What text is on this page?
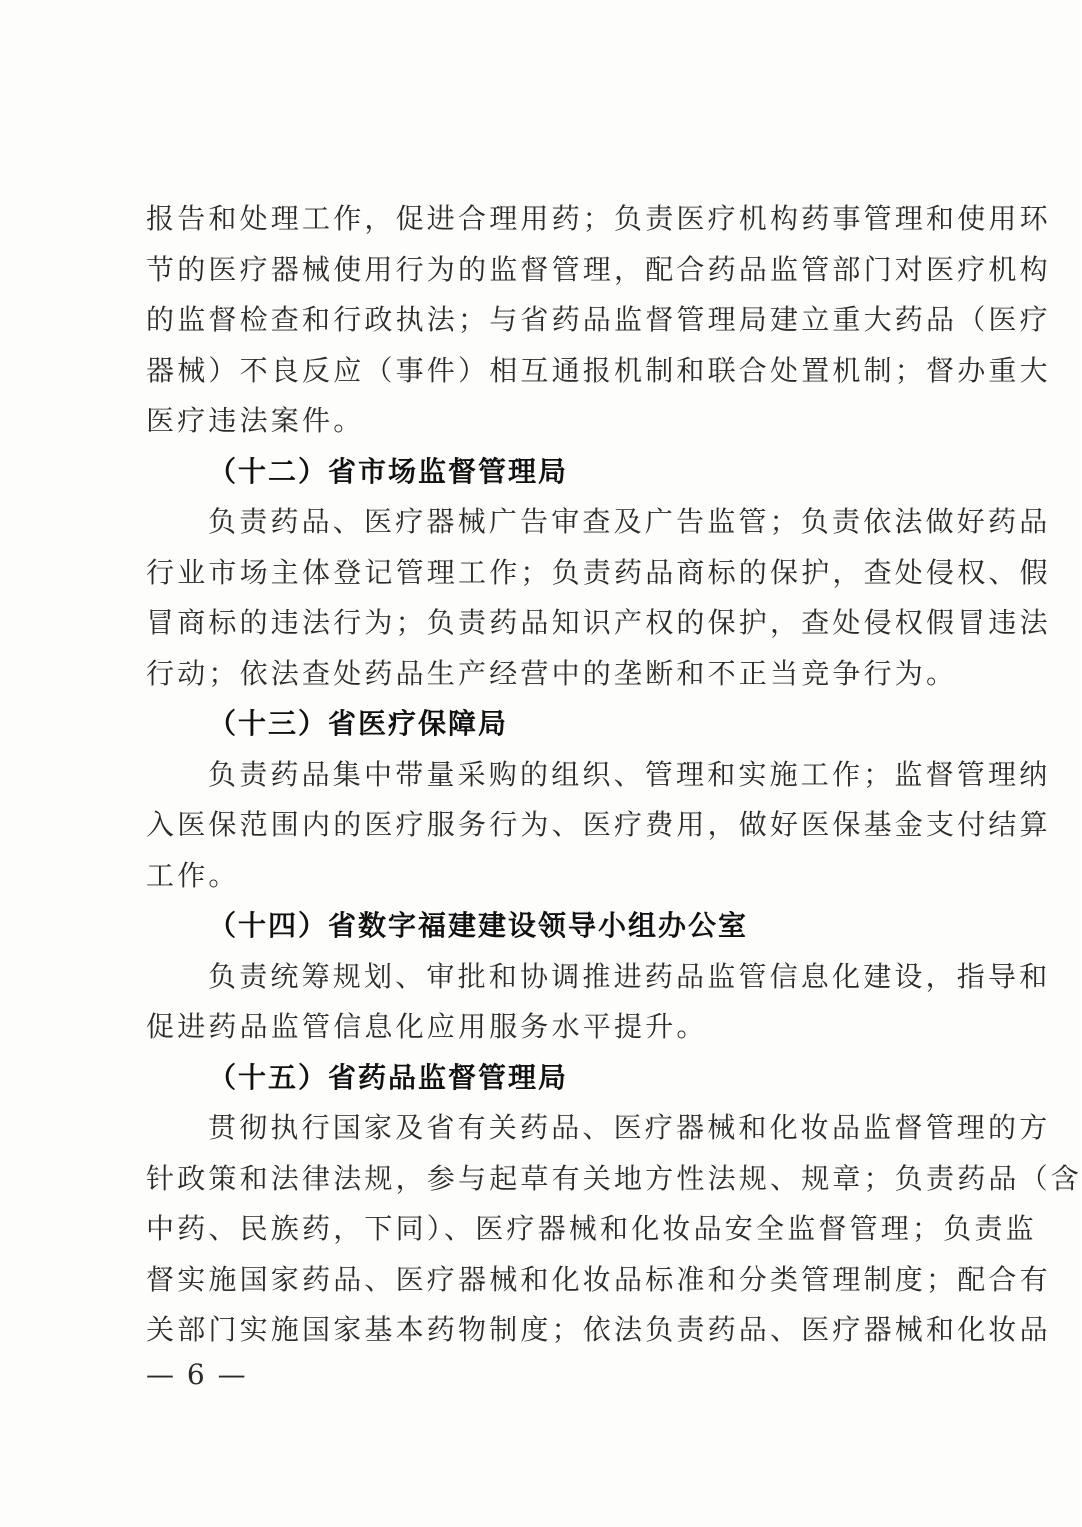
报告和处理工作，促进合理用药；负责医疗机构药事管理和使用环
节的医疗器械使用行为的监督管理，配合药品监管部门对医疗机构
的监督检查和行政执法；与省药品监督管理局建立重大药品（医疗
器械）不良反应（事件）相互通报机制和联合处置机制；督办重大
医疗违法案件。
（十二）省市场监督管理局
负责药品、医疗器械广告审查及广告监管；负责依法做好药品
行业市场主体登记管理工作；负责药品商标的保护，查处侵权、假
冒商标的违法行为；负责药品知识产权的保护，查处侵权假冒违法
行动；依法查处药品生产经营中的垄断和不正当竞争行为。
（十三）省医疗保障局
负责药品集中带量采购的组织、管理和实施工作；监督管理纳
入医保范围内的医疗服务行为、医疗费用，做好医保基金支付结算
工作。
（十四）省数字福建建设领导小组办公室
负责统筹规划、审批和协调推进药品监管信息化建设，指导和
促进药品监管信息化应用服务水平提升。
（十五）省药品监督管理局
贯彻执行国家及省有关药品、医疗器械和化妆品监督管理的方
针政策和法律法规，参与起草有关地方性法规、规章；负责药品（含
中药、民族药，下同）、医疗器械和化妆品安全监督管理；负责监
督实施国家药品、医疗器械和化妆品标准和分类管理制度；配合有
关部门实施国家基本药物制度；依法负责药品、医疗器械和化妆品
— 6 —
